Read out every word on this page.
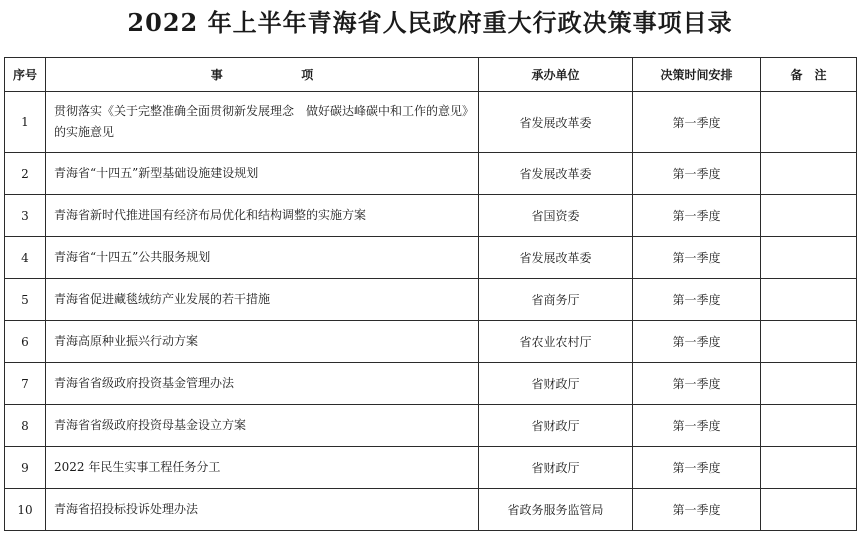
2022 年上半年青海省人民政府重大行政决策事项目录
序号	事 项	承办单位	决策时间安排	备　注
1	贯彻落实《关于完整准确全面贯彻新发展理念　做好碳达峰碳中和工作的意见》的实施意见	省发展改革委	第一季度	
2	青海省“十四五”新型基础设施建设规划	省发展改革委	第一季度	
3	青海省新时代推进国有经济布局优化和结构调整的实施方案	省国资委	第一季度	
4	青海省“十四五”公共服务规划	省发展改革委	第一季度	
5	青海省促进藏毯绒纺产业发展的若干措施	省商务厅	第一季度	
6	青海高原种业振兴行动方案	省农业农村厅	第一季度	
7	青海省省级政府投资基金管理办法	省财政厅	第一季度	
8	青海省省级政府投资母基金设立方案	省财政厅	第一季度	
9	2022 年民生实事工程任务分工	省财政厅	第一季度	
10	青海省招投标投诉处理办法	省政务服务监管局	第一季度	
